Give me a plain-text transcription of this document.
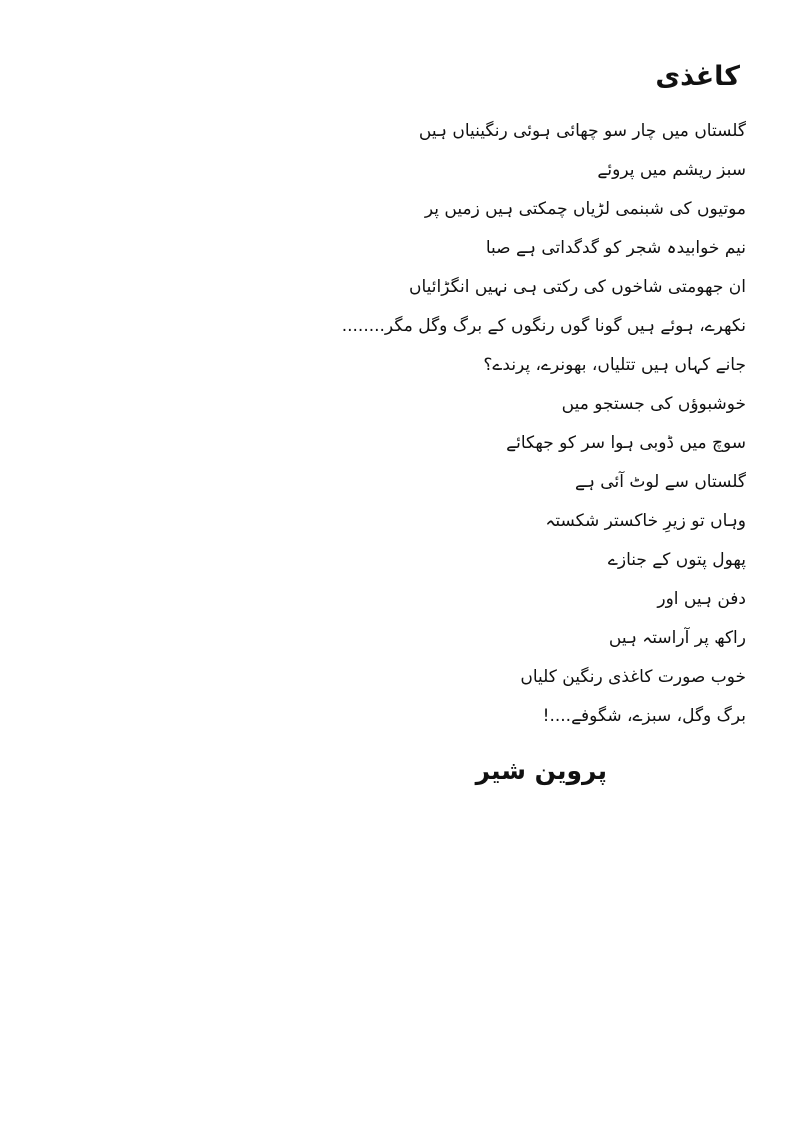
کاغذی
گلستاں میں چار سو چھائی ہوئی رنگینیاں ہیں
سبز ریشم میں پروئے
موتیوں کی شبنمی لڑیاں چمکتی ہیں زمیں پر
نیم خوابیدہ شجر کو گدگداتی ہے صبا
ان جھومتی شاخوں کی رکتی ہی نہیں انگڑائیاں
نکھرے، ہوئے ہیں گونا گوں رنگوں کے برگ وگل مگر........
جانے کہاں ہیں تتلیاں، بھونرے، پرندے؟
خوشبوؤں کی جستجو میں
سوچ میں ڈوبی ہوا سر کو جھکائے
گلستاں سے لوٹ آئی ہے
وہاں تو زیرِ خاکستر شکستہ
پھول پتوں کے جنازے
دفن ہیں اور
راکھ پر آراستہ ہیں
خوب صورت کاغذی رنگین کلیاں
برگ وگل، سبزے، شگوفے....!
پروین شیر
